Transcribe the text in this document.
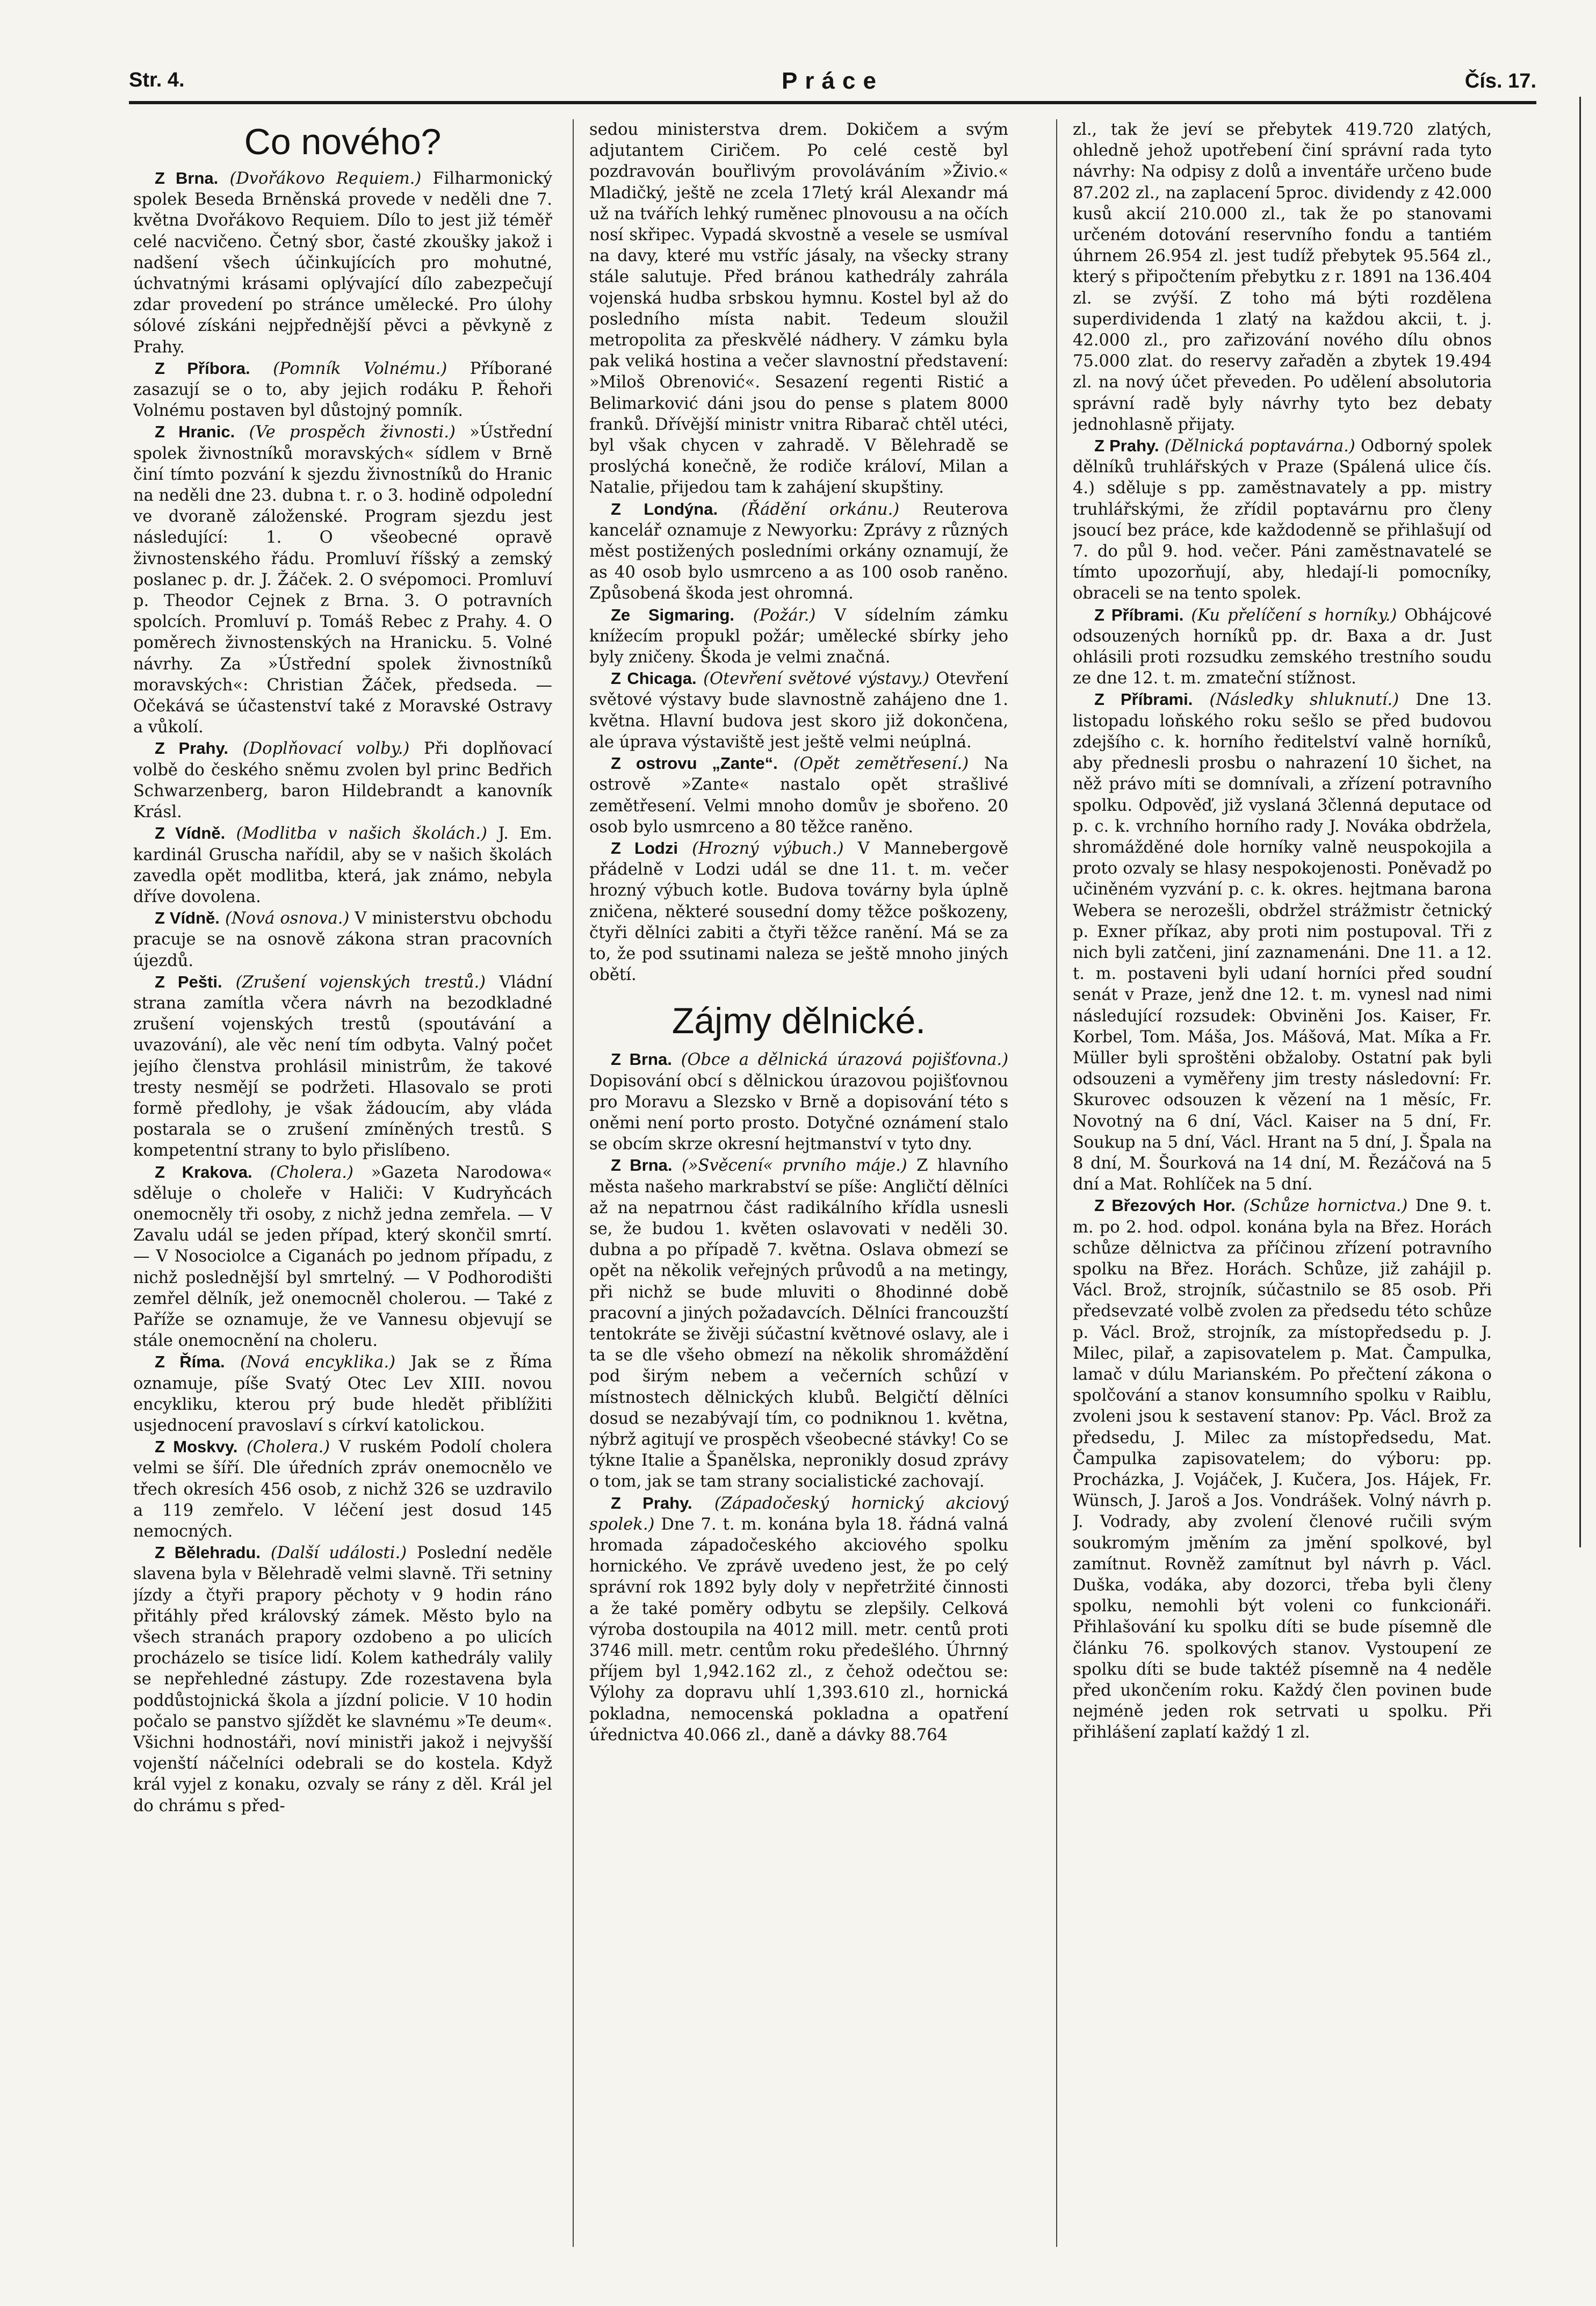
Str. 4.	Práce	Čís. 17.
Co nového?

Z Brna. (Dvořákovo Requiem.) Filharmonický spolek Beseda Brněnská provede v neděli dne 7. května Dvořákovo Requiem. Dílo to jest již téměř celé nacvičeno. Četný sbor, časté zkoušky jakož i nadšení všech účinkujících pro mohutné, úchvatnými krásami oplývající dílo zabezpečují zdar provedení po stránce umělecké. Pro úlohy sólové získáni nejpřednější pěvci a pěvkyně z Prahy.

Z Příbora. (Pomník Volnému.) Příborané zasazují se o to, aby jejich rodáku P. Řehoři Volnému postaven byl důstojný pomník.

Z Hranic. (Ve prospěch živnosti.) »Ústřední spolek živnostníků moravských« sídlem v Brně činí tímto pozvání k sjezdu živnostníků do Hranic na neděli dne 23. dubna t. r. o 3. hodině odpolední ve dvoraně záloženské. Program sjezdu jest následující: 1. O všeobecné opravě živnostenského řádu. Promluví říšský a zemský poslanec p. dr. J. Žáček. 2. O svépomoci. Promluví p. Theodor Cejnek z Brna. 3. O potravních spolcích. Promluví p. Tomáš Rebec z Prahy. 4. O poměrech živnostenských na Hranicku. 5. Volné návrhy. Za »Ústřední spolek živnostníků moravských«: Christian Žáček, předseda. — Očekává se účastenství také z Moravské Ostravy a vůkolí.

Z Prahy. (Doplňovací volby.) Při doplňovací volbě do českého sněmu zvolen byl princ Bedřich Schwarzenberg, baron Hildebrandt a kanovník Krásl.

Z Vídně. (Modlitba v našich školách.) J. Em. kardinál Gruscha nařídil, aby se v našich školách zavedla opět modlitba, která, jak známo, nebyla dříve dovolena.

Z Vídně. (Nová osnova.) V ministerstvu obchodu pracuje se na osnově zákona stran pracovních újezdů.

Z Pešti. (Zrušení vojenských trestů.) Vládní strana zamítla včera návrh na bezodkladné zrušení vojenských trestů (spoutávání a uvazování), ale věc není tím odbyta. Valný počet jejího členstva prohlásil ministrům, že takové tresty nesmějí se podržeti. Hlasovalo se proti formě předlohy, je však žádoucím, aby vláda postarala se o zrušení zmíněných trestů. S kompetentní strany to bylo přislíbeno.

Z Krakova. (Cholera.) »Gazeta Narodowa« sděluje o choleře v Haliči: V Kudryňcách onemocněly tři osoby, z nichž jedna zemřela. — V Zavalu udál se jeden případ, který skončil smrtí. — V Nosociolce a Ciganách po jednom případu, z nichž poslednější byl smrtelný. — V Podhorodišti zemřel dělník, jež onemocněl cholerou. — Také z Paříže se oznamuje, že ve Vannesu objevují se stále onemocnění na choleru.

Z Říma. (Nová encyklika.) Jak se z Říma oznamuje, píše Svatý Otec Lev XIII. novou encykliku, kterou prý bude hledět přiblížiti usjednocení pravoslaví s církví katolickou.

Z Moskvy. (Cholera.) V ruském Podolí cholera velmi se šíří. Dle úředních zpráv onemocnělo ve třech okresích 456 osob, z nichž 326 se uzdravilo a 119 zemřelo. V léčení jest dosud 145 nemocných.

Z Bělehradu. (Další události.) Poslední neděle slavena byla v Bělehradě velmi slavně. Tři setniny jízdy a čtyři prapory pěchoty v 9 hodin ráno přitáhly před královský zámek. Město bylo na všech stranách prapory ozdobeno a po ulicích procházelo se tisíce lidí. Kolem kathedrály valily se nepřehledné zástupy. Zde rozestavena byla poddůstojnická škola a jízdní policie. V 10 hodin počalo se panstvo sjíždět ke slavnému »Te deum«. Všichni hodnostáři, noví ministři jakož i nejvyšší vojenští náčelníci odebrali se do kostela. Když král vyjel z konaku, ozvaly se rány z děl. Král jel do chrámu s před-

sedou ministerstva drem. Dokičem a svým adjutantem Ciričem. Po celé cestě byl pozdravován bouřlivým provoláváním »Živio.« Mladičký, ještě ne zcela 17letý král Alexandr má už na tvářích lehký ruměnec plnovousu a na očích nosí skřipec. Vypadá skvostně a vesele se usmíval na davy, které mu vstříc jásaly, na všecky strany stále salutuje. Před bránou kathedrály zahrála vojenská hudba srbskou hymnu. Kostel byl až do posledního místa nabit. Tedeum sloužil metropolita za přeskvělé nádhery. V zámku byla pak veliká hostina a večer slavnostní představení: »Miloš Obrenović«. Sesazení regenti Ristić a Belimarković dáni jsou do pense s platem 8000 franků. Dřívější ministr vnitra Ribarač chtěl utéci, byl však chycen v zahradě. V Bělehradě se proslýchá konečně, že rodiče královí, Milan a Natalie, přijedou tam k zahájení skupštiny.

Z Londýna. (Řádění orkánu.) Reuterova kancelář oznamuje z Newyorku: Zprávy z různých měst postižených posledními orkány oznamují, že as 40 osob bylo usmrceno a as 100 osob raněno. Způsobená škoda jest ohromná.

Ze Sigmaring. (Požár.) V sídelním zámku knížecím propukl požár; umělecké sbírky jeho byly zničeny. Škoda je velmi značná.

Z Chicaga. (Otevření světové výstavy.) Otevření světové výstavy bude slavnostně zahájeno dne 1. května. Hlavní budova jest skoro již dokončena, ale úprava výstaviště jest ještě velmi neúplná.

Z ostrovu „Zante“. (Opět zemětřesení.) Na ostrově »Zante« nastalo opět strašlivé zemětřesení. Velmi mnoho domův je sbořeno. 20 osob bylo usmrceno a 80 těžce raněno.

Z Lodzi (Hrozný výbuch.) V Mannebergově přádelně v Lodzi udál se dne 11. t. m. večer hrozný výbuch kotle. Budova továrny byla úplně zničena, některé sousední domy těžce poškozeny, čtyři dělníci zabiti a čtyři těžce ranění. Má se za to, že pod ssutinami naleza se ještě mnoho jiných obětí.

Zájmy dělnické.

Z Brna. (Obce a dělnická úrazová pojišťovna.) Dopisování obcí s dělnickou úrazovou pojišťovnou pro Moravu a Slezsko v Brně a dopisování této s oněmi není porto prosto. Dotyčné oznámení stalo se obcím skrze okresní hejtmanství v tyto dny.

Z Brna. (»Svěcení« prvního máje.) Z hlavního města našeho markrabství se píše: Angličtí dělníci až na nepatrnou část radikálního křídla usnesli se, že budou 1. květen oslavovati v neděli 30. dubna a po případě 7. května. Oslava obmezí se opět na několik veřejných průvodů a na metingy, při nichž se bude mluviti o 8hodinné době pracovní a jiných požadavcích. Dělníci francouzští tentokráte se živěji súčastní květnové oslavy, ale i ta se dle všeho obmezí na několik shromáždění pod širým nebem a večerních schůzí v místnostech dělnických klubů. Belgičtí dělníci dosud se nezabývají tím, co podniknou 1. května, nýbrž agitují ve prospěch všeobecné stávky! Co se týkne Italie a Španělska, nepronikly dosud zprávy o tom, jak se tam strany socialistické zachovají.

Z Prahy. (Západočeský hornický akciový spolek.) Dne 7. t. m. konána byla 18. řádná valná hromada západočeského akciového spolku hornického. Ve zprávě uvedeno jest, že po celý správní rok 1892 byly doly v nepřetržité činnosti a že také poměry odbytu se zlepšily. Celková výroba dostoupila na 4012 mill. metr. centů proti 3746 mill. metr. centům roku předešlého. Úhrnný příjem byl 1,942.162 zl., z čehož odečtou se: Výlohy za dopravu uhlí 1,393.610 zl., hornická pokladna, nemocenská pokladna a opatření úřednictva 40.066 zl., daně a dávky 88.764

zl., tak že jeví se přebytek 419.720 zlatých, ohledně jehož upotřebení činí správní rada tyto návrhy: Na odpisy z dolů a inventáře určeno bude 87.202 zl., na zaplacení 5proc. dividendy z 42.000 kusů akcií 210.000 zl., tak že po stanovami určeném dotování reservního fondu a tantiém úhrnem 26.954 zl. jest tudíž přebytek 95.564 zl., který s připočtením přebytku z r. 1891 na 136.404 zl. se zvýší. Z toho má býti rozdělena superdividenda 1 zlatý na každou akcii, t. j. 42.000 zl., pro zařizování nového dílu obnos 75.000 zlat. do reservy zařaděn a zbytek 19.494 zl. na nový účet převeden. Po udělení absolutoria správní radě byly návrhy tyto bez debaty jednohlasně přijaty.

Z Prahy. (Dělnická poptavárna.) Odborný spolek dělníků truhlářských v Praze (Spálená ulice čís. 4.) sděluje s pp. zaměstnavately a pp. mistry truhlářskými, že zřídil poptavárnu pro členy jsoucí bez práce, kde každodenně se přihlašují od 7. do půl 9. hod. večer. Páni zaměstnavatelé se tímto upozorňují, aby, hledají-li pomocníky, obraceli se na tento spolek.

Z Příbrami. (Ku přelíčení s horníky.) Obhájcové odsouzených horníků pp. dr. Baxa a dr. Just ohlásili proti rozsudku zemského trestního soudu ze dne 12. t. m. zmateční stížnost.

Z Příbrami. (Následky shluknutí.) Dne 13. listopadu loňského roku sešlo se před budovou zdejšího c. k. horního ředitelství valně horníků, aby přednesli prosbu o nahrazení 10 šichet, na něž právo míti se domnívali, a zřízení potravního spolku. Odpověď, již vyslaná 3členná deputace od p. c. k. vrchního horního rady J. Nováka obdržela, shromážděné dole horníky valně neuspokojila a proto ozvaly se hlasy nespokojenosti. Poněvadž po učiněném vyzvání p. c. k. okres. hejtmana barona Webera se nerozešli, obdržel strážmistr četnický p. Exner příkaz, aby proti nim postupoval. Tři z nich byli zatčeni, jiní zaznamenáni. Dne 11. a 12. t. m. postaveni byli udaní horníci před soudní senát v Praze, jenž dne 12. t. m. vynesl nad nimi následující rozsudek: Obviněni Jos. Kaiser, Fr. Korbel, Tom. Máša, Jos. Mášová, Mat. Míka a Fr. Müller byli sproštěni obžaloby. Ostatní pak byli odsouzeni a vyměřeny jim tresty následovní: Fr. Skurovec odsouzen k vězení na 1 měsíc, Fr. Novotný na 6 dní, Václ. Kaiser na 5 dní, Fr. Soukup na 5 dní, Václ. Hrant na 5 dní, J. Špala na 8 dní, M. Šourková na 14 dní, M. Řezáčová na 5 dní a Mat. Rohlíček na 5 dní.

Z Březových Hor. (Schůze hornictva.) Dne 9. t. m. po 2. hod. odpol. konána byla na Břez. Horách schůze dělnictva za příčinou zřízení potravního spolku na Břez. Horách. Schůze, již zahájil p. Václ. Brož, strojník, súčastnilo se 85 osob. Při předsevzaté volbě zvolen za předsedu této schůze p. Václ. Brož, strojník, za místopředsedu p. J. Milec, pilař, a zapisovatelem p. Mat. Čampulka, lamač v dúlu Marianském. Po přečtení zákona o spolčování a stanov konsumního spolku v Raiblu, zvoleni jsou k sestavení stanov: Pp. Václ. Brož za předsedu, J. Milec za místopředsedu, Mat. Čampulka zapisovatelem; do výboru: pp. Procházka, J. Vojáček, J. Kučera, Jos. Hájek, Fr. Wünsch, J. Jaroš a Jos. Vondrášek. Volný návrh p. J. Vodrady, aby zvolení členové ručili svým soukromým jměním za jmění spolkové, byl zamítnut. Rovněž zamítnut byl návrh p. Václ. Duška, vodáka, aby dozorci, třeba byli členy spolku, nemohli být voleni co funkcionáři. Přihlašování ku spolku díti se bude písemně dle článku 76. spolkových stanov. Vystoupení ze spolku díti se bude taktéž písemně na 4 neděle před ukončením roku. Každý člen povinen bude nejméně jeden rok setrvati u spolku. Při přihlášení zaplatí každý 1 zl.
